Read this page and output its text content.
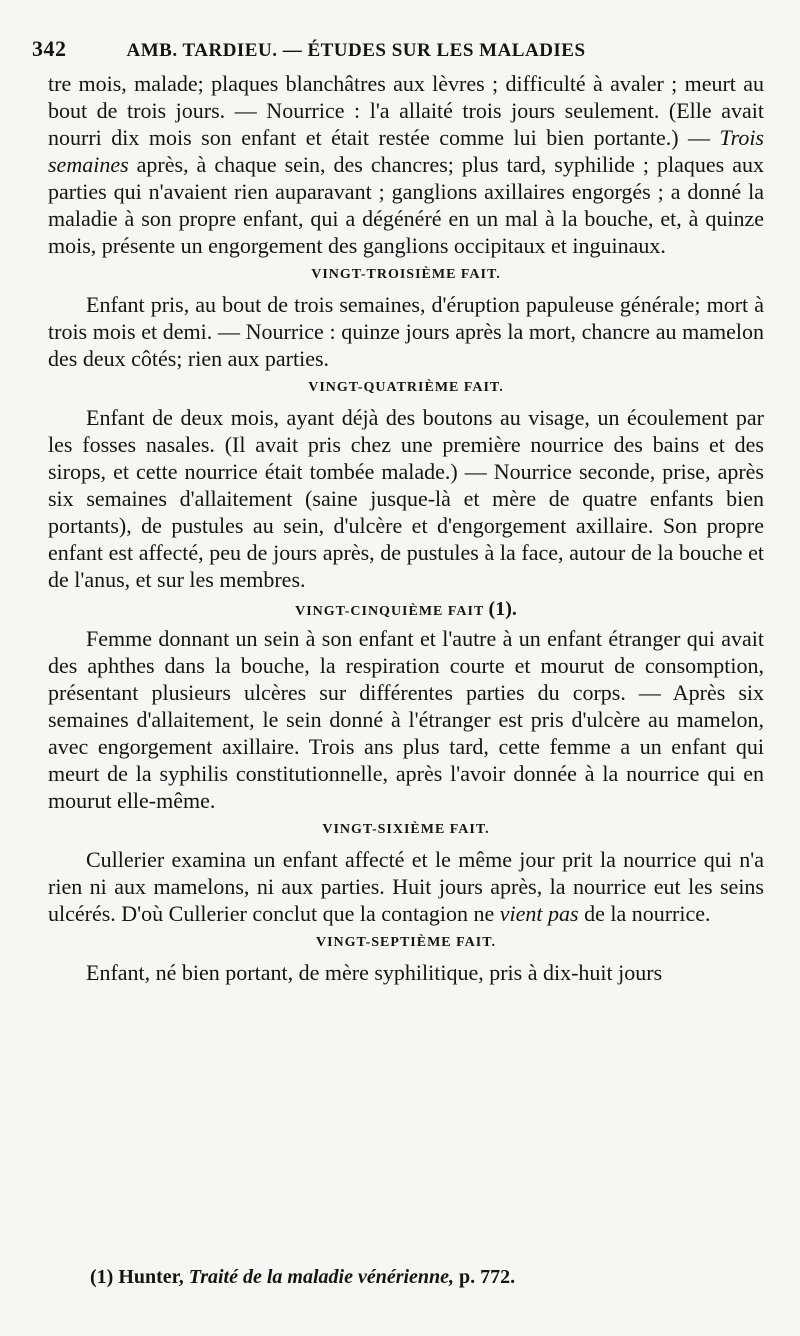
342	AMB. TARDIEU. — ÉTUDES SUR LES MALADIES

tre mois, malade; plaques blanchâtres aux lèvres ; difficulté à avaler ; meurt au bout de trois jours. — Nourrice : l'a allaité trois jours seulement. (Elle avait nourri dix mois son enfant et était restée comme lui bien portante.) — Trois semaines après, à chaque sein, des chancres; plus tard, syphilide ; plaques aux parties qui n'avaient rien auparavant ; ganglions axillaires engorgés ; a donné la maladie à son propre enfant, qui a dégénéré en un mal à la bouche, et, à quinze mois, présente un engorgement des ganglions occipitaux et inguinaux.

VINGT-TROISIÈME FAIT.

Enfant pris, au bout de trois semaines, d'éruption papuleuse générale; mort à trois mois et demi. — Nourrice : quinze jours après la mort, chancre au mamelon des deux côtés; rien aux parties.

VINGT-QUATRIÈME FAIT.

Enfant de deux mois, ayant déjà des boutons au visage, un écoulement par les fosses nasales. (Il avait pris chez une première nourrice des bains et des sirops, et cette nourrice était tombée malade.) — Nourrice seconde, prise, après six semaines d'allaitement (saine jusque-là et mère de quatre enfants bien portants), de pustules au sein, d'ulcère et d'engorgement axillaire. Son propre enfant est affecté, peu de jours après, de pustules à la face, autour de la bouche et de l'anus, et sur les membres.

VINGT-CINQUIÈME FAIT (1).

Femme donnant un sein à son enfant et l'autre à un enfant étranger qui avait des aphthes dans la bouche, la respiration courte et mourut de consomption, présentant plusieurs ulcères sur différentes parties du corps. — Après six semaines d'allaitement, le sein donné à l'étranger est pris d'ulcère au mamelon, avec engorgement axillaire. Trois ans plus tard, cette femme a un enfant qui meurt de la syphilis constitutionnelle, après l'avoir donnée à la nourrice qui en mourut elle-même.

VINGT-SIXIÈME FAIT.

Cullerier examina un enfant affecté et le même jour prit la nourrice qui n'a rien ni aux mamelons, ni aux parties. Huit jours après, la nourrice eut les seins ulcérés. D'où Cullerier conclut que la contagion ne vient pas de la nourrice.

VINGT-SEPTIÈME FAIT.

Enfant, né bien portant, de mère syphilitique, pris à dix-huit jours

(1) Hunter, Traité de la maladie vénérienne, p. 772.
